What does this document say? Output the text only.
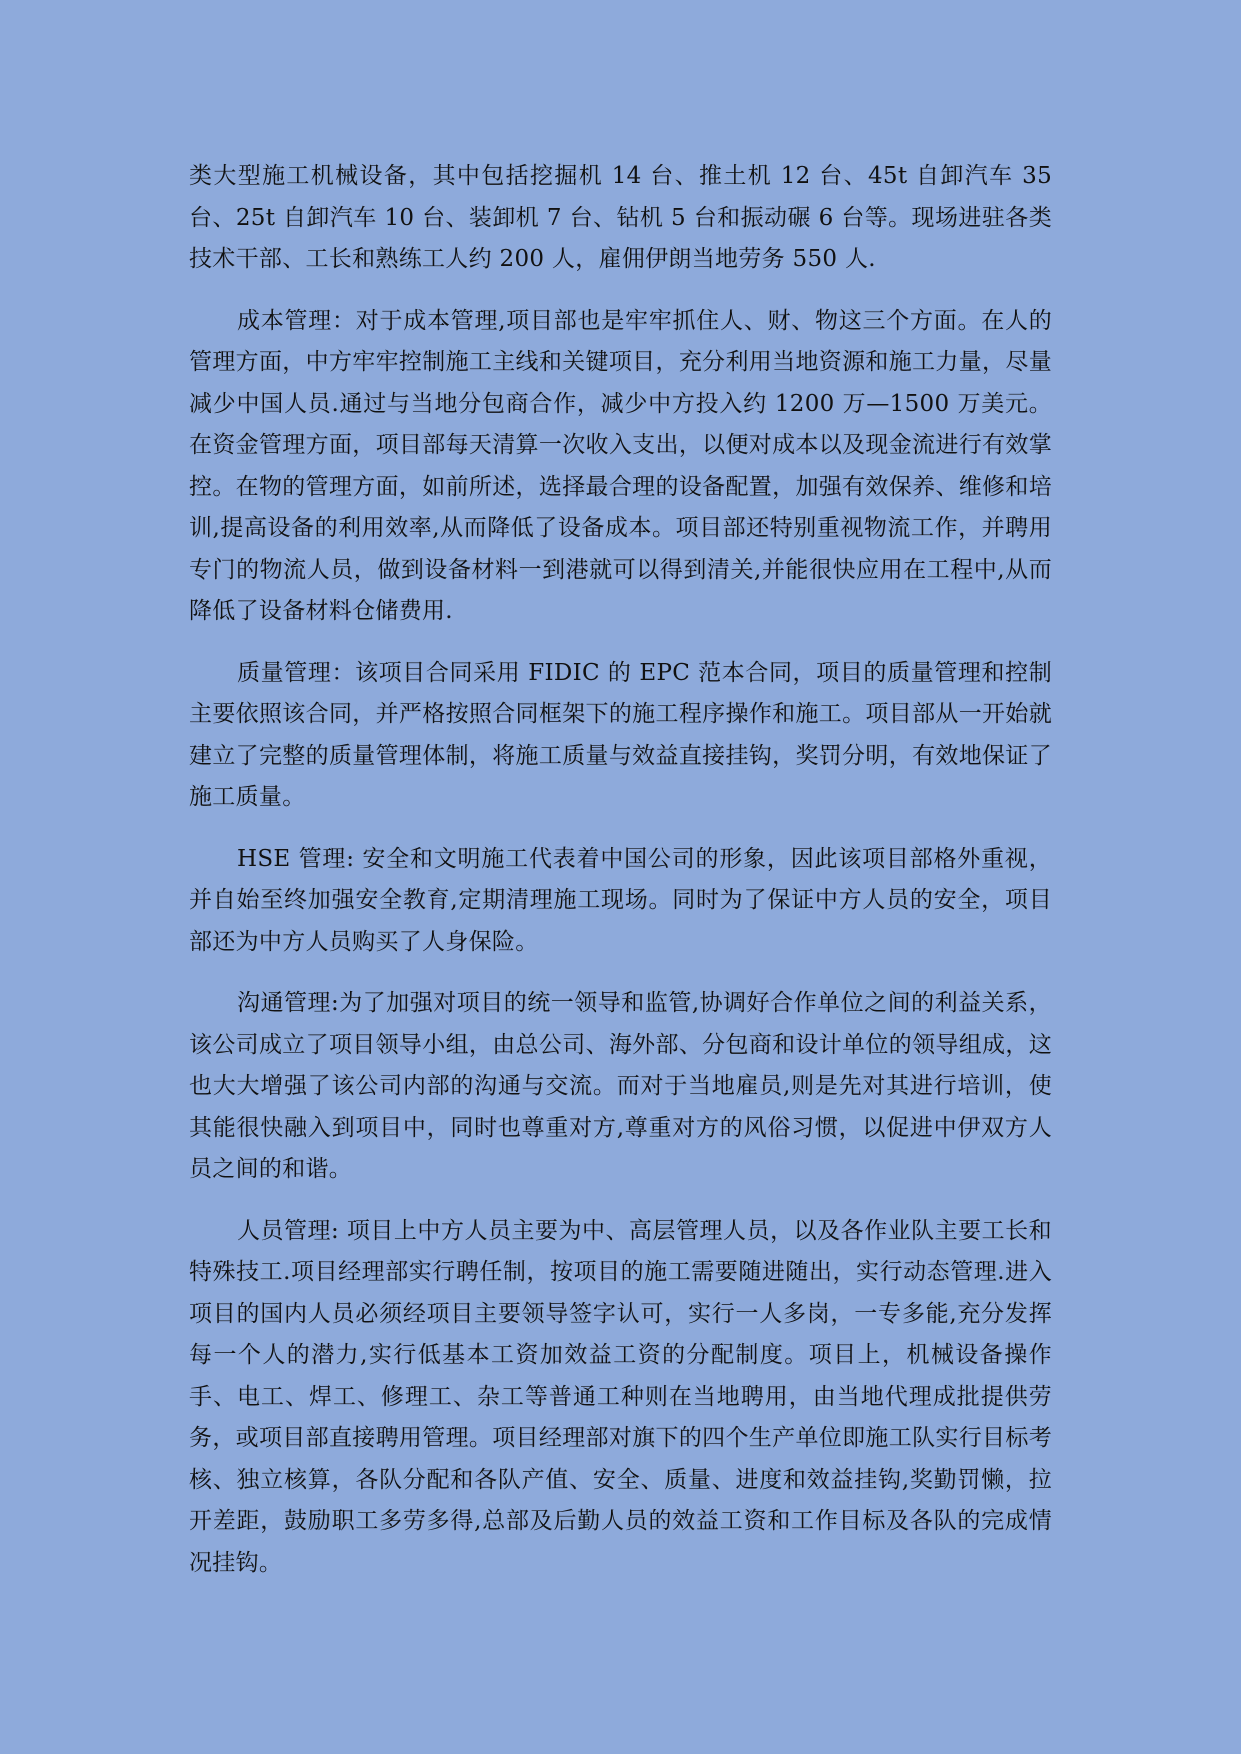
类大型施工机械设备，其中包括挖掘机 14 台、推土机 12 台、45t 自卸汽车 35 台、25t 自卸汽车 10 台、装卸机 7 台、钻机 5 台和振动碾 6 台等。现场进驻各类技术干部、工长和熟练工人约 200 人，雇佣伊朗当地劳务 550 人.

成本管理：对于成本管理,项目部也是牢牢抓住人、财、物这三个方面。在人的管理方面，中方牢牢控制施工主线和关键项目，充分利用当地资源和施工力量，尽量减少中国人员.通过与当地分包商合作，减少中方投入约 1200 万—1500 万美元。在资金管理方面，项目部每天清算一次收入支出，以便对成本以及现金流进行有效掌控。在物的管理方面，如前所述，选择最合理的设备配置，加强有效保养、维修和培训,提高设备的利用效率,从而降低了设备成本。项目部还特别重视物流工作，并聘用专门的物流人员，做到设备材料一到港就可以得到清关,并能很快应用在工程中,从而降低了设备材料仓储费用.

质量管理：该项目合同采用 FIDIC 的 EPC 范本合同，项目的质量管理和控制主要依照该合同，并严格按照合同框架下的施工程序操作和施工。项目部从一开始就建立了完整的质量管理体制，将施工质量与效益直接挂钩，奖罚分明，有效地保证了施工质量。

HSE 管理: 安全和文明施工代表着中国公司的形象，因此该项目部格外重视，并自始至终加强安全教育,定期清理施工现场。同时为了保证中方人员的安全，项目部还为中方人员购买了人身保险。

沟通管理:为了加强对项目的统一领导和监管,协调好合作单位之间的利益关系，该公司成立了项目领导小组，由总公司、海外部、分包商和设计单位的领导组成，这也大大增强了该公司内部的沟通与交流。而对于当地雇员,则是先对其进行培训，使其能很快融入到项目中，同时也尊重对方,尊重对方的风俗习惯，以促进中伊双方人员之间的和谐。

人员管理: 项目上中方人员主要为中、高层管理人员，以及各作业队主要工长和特殊技工.项目经理部实行聘任制，按项目的施工需要随进随出，实行动态管理.进入项目的国内人员必须经项目主要领导签字认可，实行一人多岗，一专多能,充分发挥每一个人的潜力,实行低基本工资加效益工资的分配制度。项目上，机械设备操作手、电工、焊工、修理工、杂工等普通工种则在当地聘用，由当地代理成批提供劳务，或项目部直接聘用管理。项目经理部对旗下的四个生产单位即施工队实行目标考核、独立核算，各队分配和各队产值、安全、质量、进度和效益挂钩,奖勤罚懒，拉开差距，鼓励职工多劳多得,总部及后勤人员的效益工资和工作目标及各队的完成情况挂钩。
